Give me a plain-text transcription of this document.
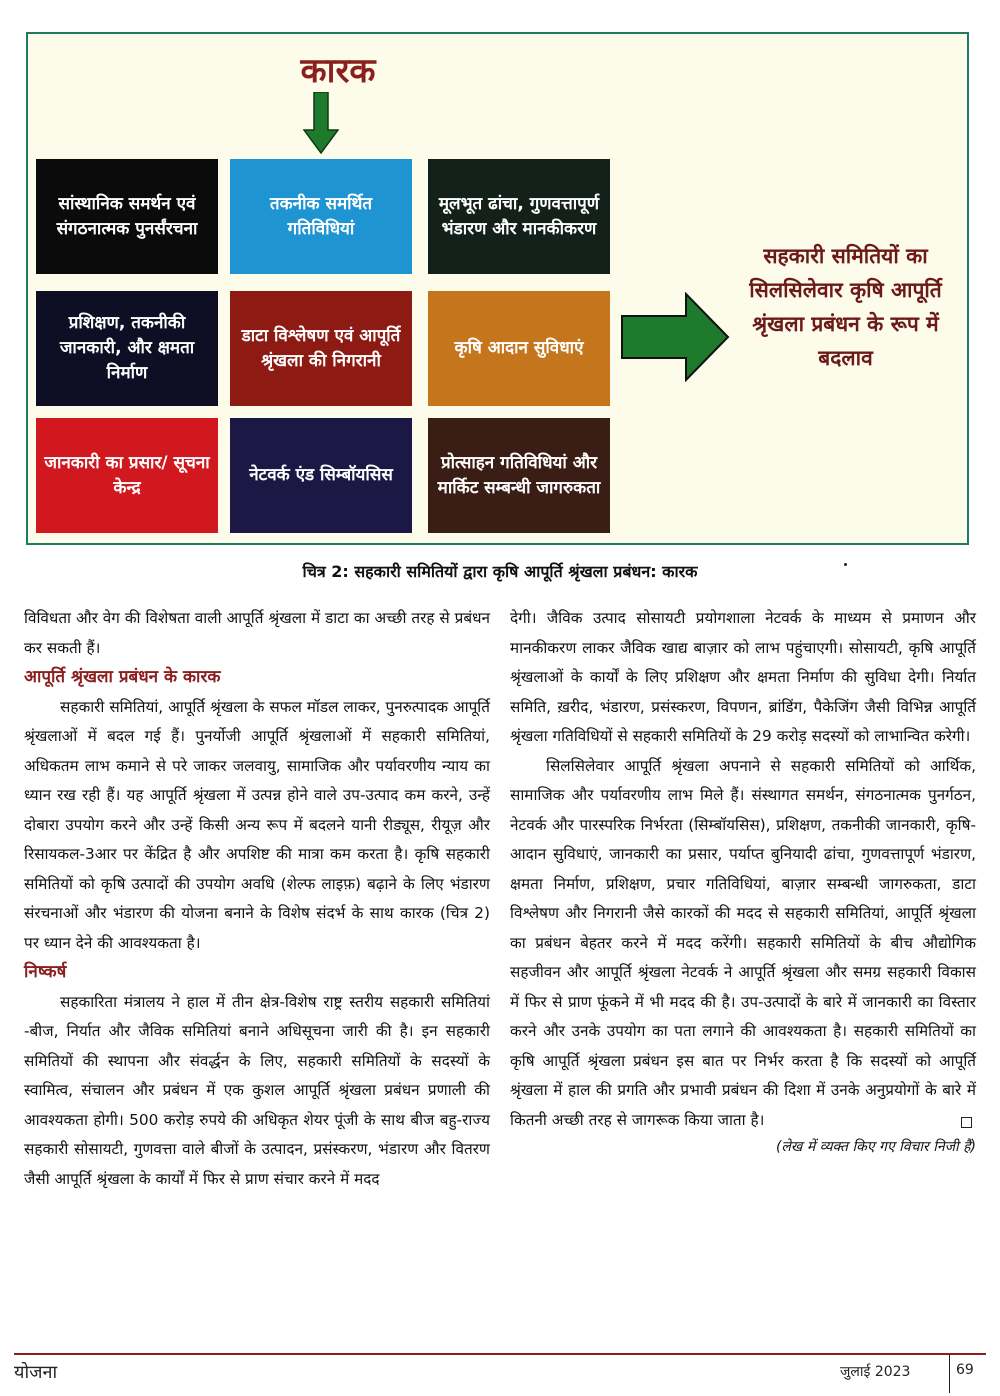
कारक
सांस्थानिक समर्थन एवं संगठनात्मक पुनर्संरचना
तकनीक समर्थित गतिविधियां
मूलभूत ढांचा, गुणवत्तापूर्ण भंडारण और मानकीकरण
प्रशिक्षण, तकनीकी जानकारी, और क्षमता निर्माण
डाटा विश्लेषण एवं आपूर्ति श्रृंखला की निगरानी
कृषि आदान सुविधाएं
जानकारी का प्रसार/ सूचना केन्द्र
नेटवर्क एंड सिम्बॉयसिस
प्रोत्साहन गतिविधियां और मार्किट सम्बन्धी जागरुकता
सहकारी समितियों का सिलसिलेवार कृषि आपूर्ति श्रृंखला प्रबंधन के रूप में बदलाव
चित्र 2: सहकारी समितियों द्वारा कृषि आपूर्ति श्रृंखला प्रबंधन: कारक

विविधता और वेग की विशेषता वाली आपूर्ति श्रृंखला में डाटा का अच्छी तरह से प्रबंधन कर सकती हैं।

आपूर्ति श्रृंखला प्रबंधन के कारक

सहकारी समितियां, आपूर्ति श्रृंखला के सफल मॉडल लाकर, पुनरुत्पादक आपूर्ति श्रृंखलाओं में बदल गई हैं। पुनर्योजी आपूर्ति श्रृंखलाओं में सहकारी समितियां, अधिकतम लाभ कमाने से परे जाकर जलवायु, सामाजिक और पर्यावरणीय न्याय का ध्यान रख रही हैं। यह आपूर्ति श्रृंखला में उत्पन्न होने वाले उप-उत्पाद कम करने, उन्हें दोबारा उपयोग करने और उन्हें किसी अन्य रूप में बदलने यानी रीड्यूस, रीयूज़ और रिसायकल-3आर पर केंद्रित है और अपशिष्ट की मात्रा कम करता है। कृषि सहकारी समितियों को कृषि उत्पादों की उपयोग अवधि (शेल्फ लाइफ़) बढ़ाने के लिए भंडारण संरचनाओं और भंडारण की योजना बनाने के विशेष संदर्भ के साथ कारक (चित्र 2) पर ध्यान देने की आवश्यकता है।

निष्कर्ष

सहकारिता मंत्रालय ने हाल में तीन क्षेत्र-विशेष राष्ट्र स्तरीय सहकारी समितियां -बीज, निर्यात और जैविक समितियां बनाने अधिसूचना जारी की है। इन सहकारी समितियों की स्थापना और संवर्द्धन के लिए, सहकारी समितियों के सदस्यों के स्वामित्व, संचालन और प्रबंधन में एक कुशल आपूर्ति श्रृंखला प्रबंधन प्रणाली की आवश्यकता होगी। 500 करोड़ रुपये की अधिकृत शेयर पूंजी के साथ बीज बहु-राज्य सहकारी सोसायटी, गुणवत्ता वाले बीजों के उत्पादन, प्रसंस्करण, भंडारण और वितरण जैसी आपूर्ति श्रृंखला के कार्यों में फिर से प्राण संचार करने में मदद

देगी। जैविक उत्पाद सोसायटी प्रयोगशाला नेटवर्क के माध्यम से प्रमाणन और मानकीकरण लाकर जैविक खाद्य बाज़ार को लाभ पहुंचाएगी। सोसायटी, कृषि आपूर्ति श्रृंखलाओं के कार्यों के लिए प्रशिक्षण और क्षमता निर्माण की सुविधा देगी। निर्यात समिति, ख़रीद, भंडारण, प्रसंस्करण, विपणन, ब्रांडिंग, पैकेजिंग जैसी विभिन्न आपूर्ति श्रृंखला गतिविधियों से सहकारी समितियों के 29 करोड़ सदस्यों को लाभान्वित करेगी।

सिलसिलेवार आपूर्ति श्रृंखला अपनाने से सहकारी समितियों को आर्थिक, सामाजिक और पर्यावरणीय लाभ मिले हैं। संस्थागत समर्थन, संगठनात्मक पुनर्गठन, नेटवर्क और पारस्परिक निर्भरता (सिम्बॉयसिस), प्रशिक्षण, तकनीकी जानकारी, कृषि-आदान सुविधाएं, जानकारी का प्रसार, पर्याप्त बुनियादी ढांचा, गुणवत्तापूर्ण भंडारण, क्षमता निर्माण, प्रशिक्षण, प्रचार गतिविधियां, बाज़ार सम्बन्धी जागरुकता, डाटा विश्लेषण और निगरानी जैसे कारकों की मदद से सहकारी समितियां, आपूर्ति श्रृंखला का प्रबंधन बेहतर करने में मदद करेंगी। सहकारी समितियों के बीच औद्योगिक सहजीवन और आपूर्ति श्रृंखला नेटवर्क ने आपूर्ति श्रृंखला और समग्र सहकारी विकास में फिर से प्राण फूंकने में भी मदद की है। उप-उत्पादों के बारे में जानकारी का विस्तार करने और उनके उपयोग का पता लगाने की आवश्यकता है। सहकारी समितियों का कृषि आपूर्ति श्रृंखला प्रबंधन इस बात पर निर्भर करता है कि सदस्यों को आपूर्ति श्रृंखला में हाल की प्रगति और प्रभावी प्रबंधन की दिशा में उनके अनुप्रयोगों के बारे में कितनी अच्छी तरह से जागरूक किया जाता है।

(लेख में व्यक्त किए गए विचार निजी हैं)

योजना	जुलाई 2023	69
